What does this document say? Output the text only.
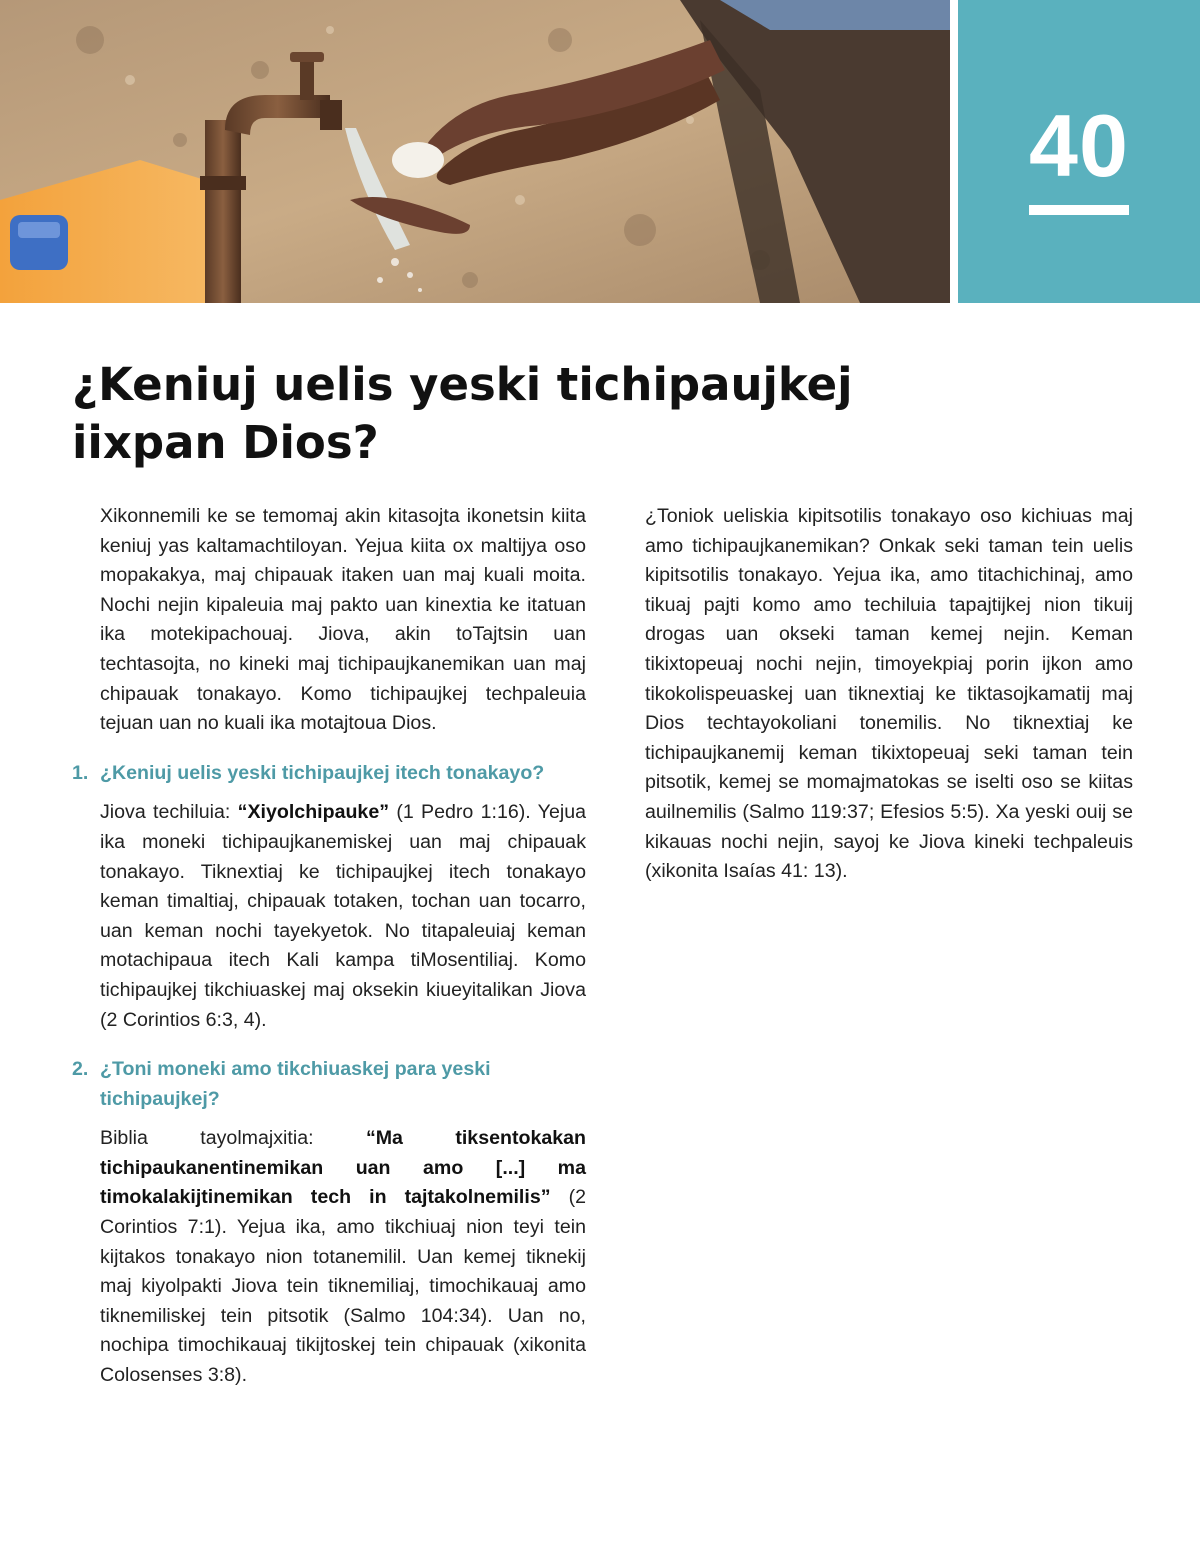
40
¿Keniuj uelis yeski tichipaujkej iixpan Dios?

Xikonnemili ke se temomaj akin kitasojta ikonetsin kiita keniuj yas kaltamachtiloyan. Yejua kiita ox maltijya oso mopakakya, maj chipauak itaken uan maj kuali moita. Nochi nejin kipaleuia maj pakto uan kinextia ke itatuan ika motekipachouaj. Jiova, akin toTajtsin uan techtasojta, no kineki maj tichipaujkanemikan uan maj chipauak tonakayo. Komo tichipaujkej techpaleuia tejuan uan no kuali ika motajtoua Dios.

1. ¿Keniuj uelis yeski tichipaujkej itech tonakayo?

Jiova techiluia: “Xiyolchipauke” (1 Pedro 1:16). Yejua ika moneki tichipaujkanemiskej uan maj chipauak tonakayo. Tiknextiaj ke tichipaujkej itech tonakayo keman timaltiaj, chipauak totaken, tochan uan tocarro, uan keman nochi tayekyetok. No titapaleuiaj keman motachipaua itech Kali kampa tiMosentiliaj. Komo tichipaujkej tikchiuaskej maj oksekin kiueyitalikan Jiova (2 Corintios 6:3, 4).

2. ¿Toni moneki amo tikchiuaskej para yeski tichipaujkej?

Biblia tayolmajxitia: “Ma tiksentokakan tichipaukanentinemikan uan amo [...] ma timokalakijtinemikan tech in tajtakolnemilis” (2 Corintios 7:1). Yejua ika, amo tikchiuaj nion teyi tein kijtakos tonakayo nion totanemilil. Uan kemej tiknekij maj kiyolpakti Jiova tein tiknemiliaj, timochikauaj amo tiknemiliskej tein pitsotik (Salmo 104:34). Uan no, nochipa timochikauaj tikijtoskej tein chipauak (xikonita Colosenses 3:8).

¿Toniok ueliskia kipitsotilis tonakayo oso kichiuas maj amo tichipaujkanemikan? Onkak seki taman tein uelis kipitsotilis tonakayo. Yejua ika, amo titachichinaj, amo tikuaj pajti komo amo techiluia tapajtijkej nion tikuij drogas uan okseki taman kemej nejin. Keman tikixtopeuaj nochi nejin, timoyekpiaj porin ijkon amo tikokolispeuaskej uan tiknextiaj ke tiktasojkamatij maj Dios techtayokoliani tonemilis. No tiknextiaj ke tichipaujkanemij keman tikixtopeuaj seki taman tein pitsotik, kemej se momajmatokas se iselti oso se kiitas auilnemilis (Salmo 119:37; Efesios 5:5). Xa yeski ouij se kikauas nochi nejin, sayoj ke Jiova kineki techpaleuis (xikonita Isaías 41: 13).
